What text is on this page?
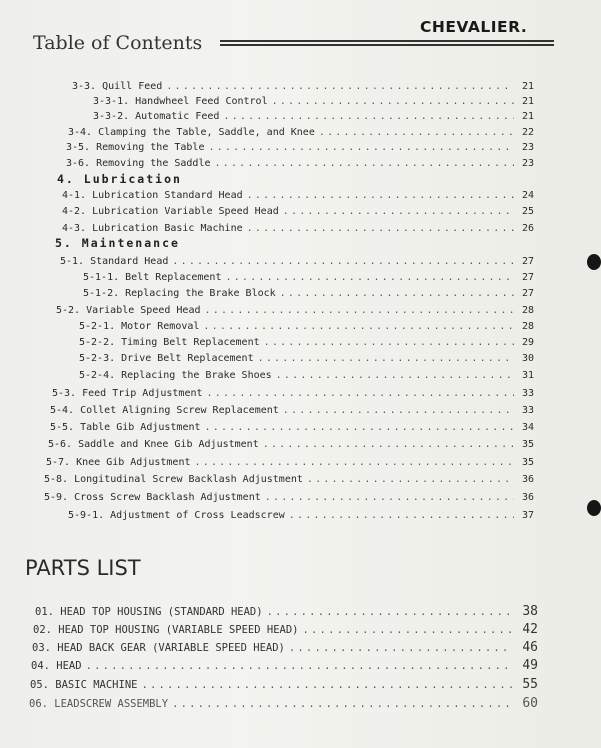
CHEVALIER.
Table of Contents
3-3. Quill Feed .....	21
3-3-1. Handwheel Feed Control .....	21
3-3-2. Automatic Feed .....	21
3-4. Clamping the Table, Saddle, and Knee .....	22
3-5. Removing the Table .....	23
3-6. Removing the Saddle .....	23
4. Lubrication
4-1. Lubrication Standard Head .....	24
4-2. Lubrication Variable Speed Head .....	25
4-3. Lubrication Basic Machine .....	26
5. Maintenance
5-1. Standard Head .....	27
5-1-1. Belt Replacement .....	27
5-1-2. Replacing the Brake Block .....	27
5-2. Variable Speed Head .....	28
5-2-1. Motor Removal .....	28
5-2-2. Timing Belt Replacement .....	29
5-2-3. Drive Belt Replacement .....	30
5-2-4. Replacing the Brake Shoes .....	31
5-3. Feed Trip Adjustment .....	33
5-4. Collet Aligning Screw Replacement .....	33
5-5. Table Gib Adjustment .....	34
5-6. Saddle and Knee Gib Adjustment .....	35
5-7. Knee Gib Adjustment .....	35
5-8. Longitudinal Screw Backlash Adjustment .....	36
5-9. Cross Screw Backlash Adjustment .....	36
5-9-1. Adjustment of Cross Leadscrew .....	37
PARTS LIST
01. HEAD TOP HOUSING (STANDARD HEAD) .....	38
02. HEAD TOP HOUSING (VARIABLE SPEED HEAD) .....	42
03. HEAD BACK GEAR (VARIABLE SPEED HEAD) .....	46
04. HEAD .....	49
05. BASIC MACHINE .....	55
06. LEADSCREW ASSEMBLY .....	60
